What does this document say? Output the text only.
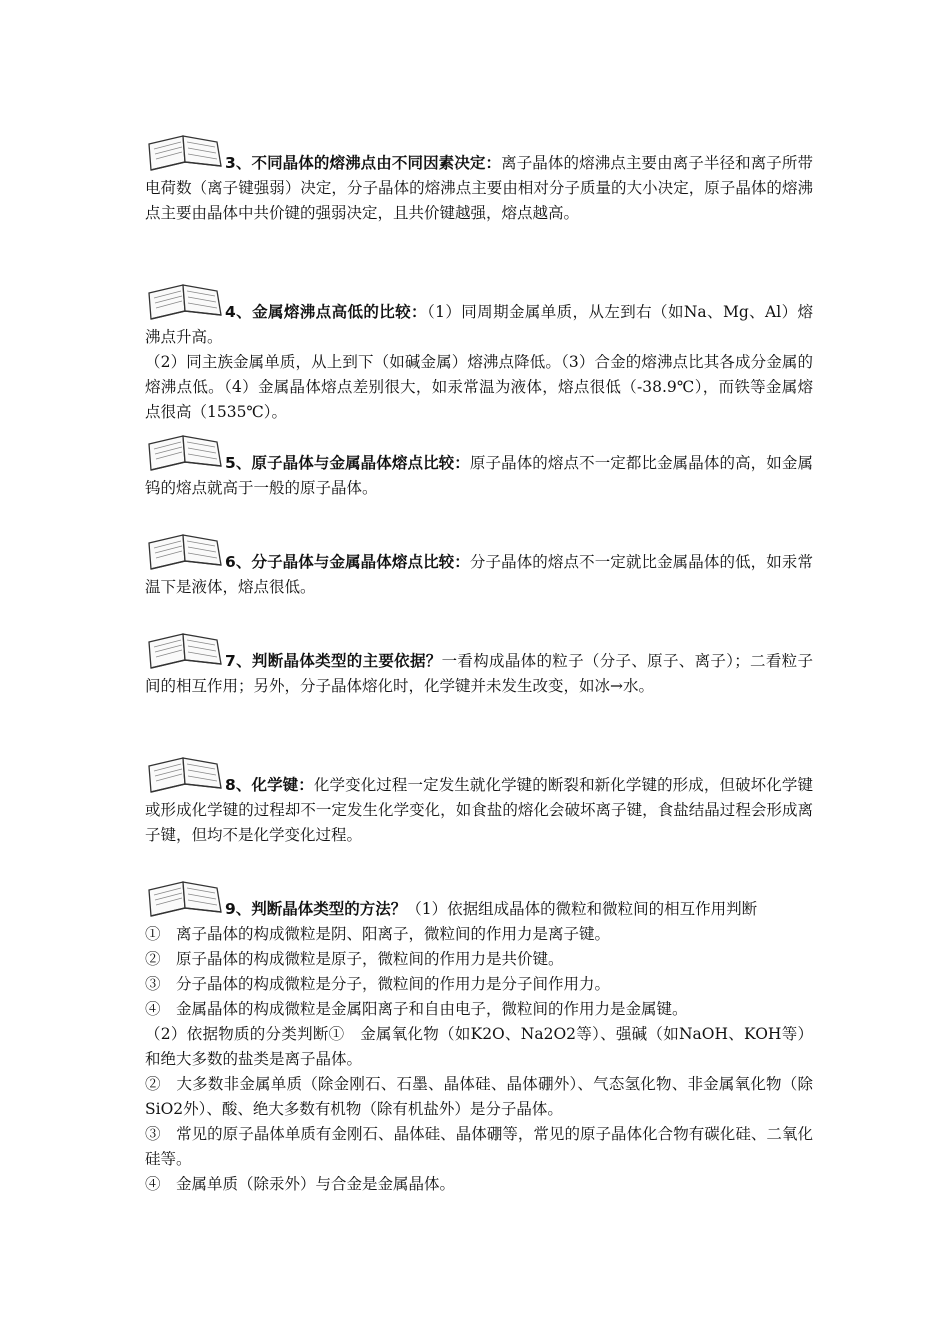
3、不同晶体的熔沸点由不同因素决定：离子晶体的熔沸点主要由离子半径和离子所带电荷数（离子键强弱）决定，分子晶体的熔沸点主要由相对分子质量的大小决定，原子晶体的熔沸点主要由晶体中共价键的强弱决定，且共价键越强，熔点越高。

4、金属熔沸点高低的比较：（1）同周期金属单质，从左到右（如Na、Mg、Al）熔沸点升高。

（2）同主族金属单质，从上到下（如碱金属）熔沸点降低。（3）合金的熔沸点比其各成分金属的熔沸点低。（4）金属晶体熔点差别很大，如汞常温为液体，熔点很低（-38.9℃），而铁等金属熔点很高（1535℃）。

5、原子晶体与金属晶体熔点比较：原子晶体的熔点不一定都比金属晶体的高，如金属钨的熔点就高于一般的原子晶体。

6、分子晶体与金属晶体熔点比较：分子晶体的熔点不一定就比金属晶体的低，如汞常温下是液体，熔点很低。

7、判断晶体类型的主要依据？一看构成晶体的粒子（分子、原子、离子）；二看粒子间的相互作用；另外，分子晶体熔化时，化学键并未发生改变，如冰→水。

8、化学键：化学变化过程一定发生就化学键的断裂和新化学键的形成，但破坏化学键或形成化学键的过程却不一定发生化学变化，如食盐的熔化会破坏离子键，食盐结晶过程会形成离子键，但均不是化学变化过程。

9、判断晶体类型的方法？（1）依据组成晶体的微粒和微粒间的相互作用判断

①　离子晶体的构成微粒是阴、阳离子，微粒间的作用力是离子键。

②　原子晶体的构成微粒是原子，微粒间的作用力是共价键。

③　分子晶体的构成微粒是分子，微粒间的作用力是分子间作用力。

④　金属晶体的构成微粒是金属阳离子和自由电子，微粒间的作用力是金属键。

（2）依据物质的分类判断①　金属氧化物（如K2O、Na2O2等）、强碱（如NaOH、KOH等）和绝大多数的盐类是离子晶体。

②　大多数非金属单质（除金刚石、石墨、晶体硅、晶体硼外）、气态氢化物、非金属氧化物（除SiO2外）、酸、绝大多数有机物（除有机盐外）是分子晶体。

③　常见的原子晶体单质有金刚石、晶体硅、晶体硼等，常见的原子晶体化合物有碳化硅、二氧化硅等。

④　金属单质（除汞外）与合金是金属晶体。
